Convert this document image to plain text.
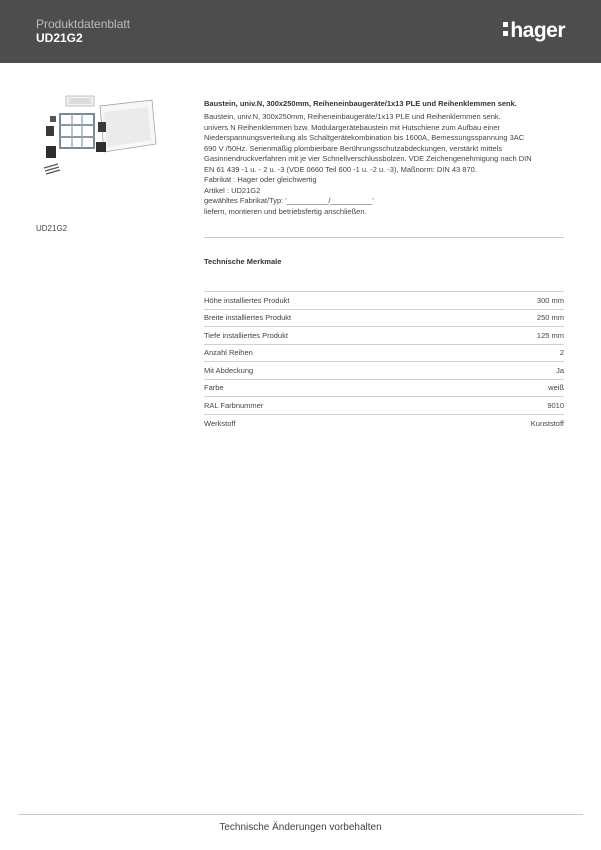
Produktdatenblatt
UD21G2	hager
UD21G2
Baustein, univ.N, 300x250mm, Reiheneinbaugeräte/1x13 PLE und Reihenklemmen senk.
Baustein, univ.N, 300x250mm, Reiheneinbaugeräte/1x13 PLE und Reihenklemmen senk.
univers N Reihenklemmen bzw. Modulargerätebaustein mit Hutschiene zum Aufbau einer
Niederspannungsverteilung als Schaltgerätekombination bis 1600A, Bemessungsspannung 3AC
690 V /50Hz. Serienmäßig plombierbare Berührungsschutzabdeckungen, verstärkt mittels
Gasinnendruckverfahren mit je vier Schnellverschlussbolzen. VDE Zeichengenehmigung nach DIN
EN 61 439 -1 u. - 2 u. -3 (VDE 0660 Teil 600 -1 u. -2 u. -3), Maßnorm: DIN 43 870.
Fabrikat : Hager oder gleichwertig
Artikel : UD21G2
gewähltes Fabrikat/Typ: '__________/__________'
liefern, montieren und betriebsfertig anschließen.
Technische Merkmale
Höhe installiertes Produkt	300 mm
Breite installiertes Produkt	250 mm
Tiefe installiertes Produkt	125 mm
Anzahl Reihen	2
Mit Abdeckung	Ja
Farbe	weiß
RAL Farbnummer	9010
Werkstoff	Kunststoff
Technische Änderungen vorbehalten
